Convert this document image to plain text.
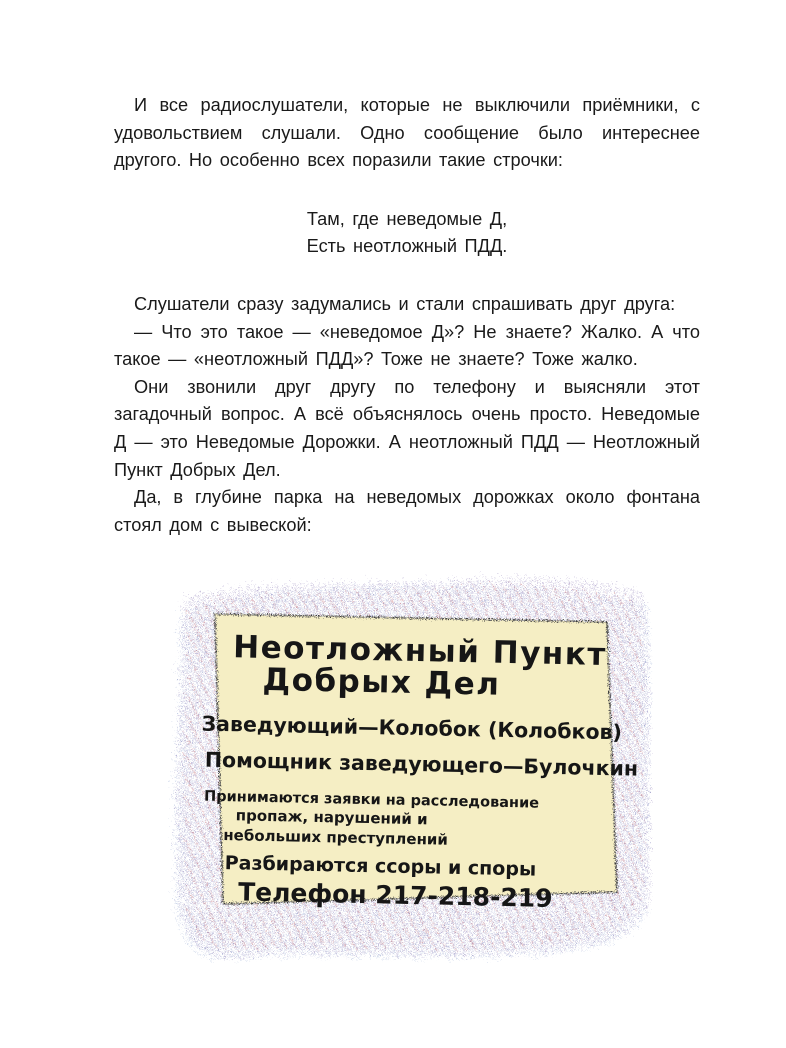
И все радиослушатели, которые не выключили приёмники, с удовольствием слушали. Одно сообщение было интереснее другого. Но особенно всех поразили такие строчки:

Там, где неведомые Д,
Есть неотложный ПДД.

Слушатели сразу задумались и стали спрашивать друг друга:

— Что это такое — «неведомое Д»? Не знаете? Жалко. А что такое — «неотложный ПДД»? Тоже не знаете? Тоже жалко.

Они звонили друг другу по телефону и выясняли этот загадочный вопрос. А всё объяснялось очень просто. Неведомые Д — это Неведомые Дорожки. А неотложный ПДД — Неотложный Пункт Добрых Дел.

Да, в глубине парка на неведомых дорожках около фонтана стоял дом с вывеской:

Неотложный Пункт
Добрых Дел
Заведующий—Колобок (Колобков)
Помощник заведующего—Булочкин
Принимаются заявки на расследование
пропаж, нарушений и
небольших преступлений
Разбираются ссоры и споры
Телефон 217-218-219
